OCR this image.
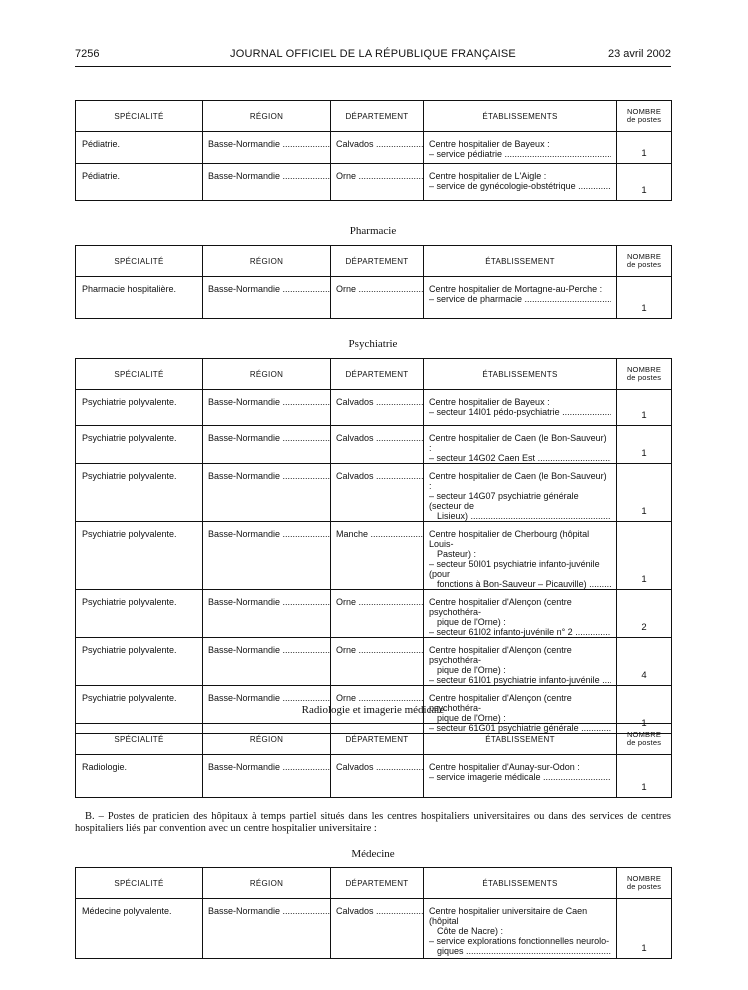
7256	JOURNAL OFFICIEL DE LA RÉPUBLIQUE FRANÇAISE	23 avril 2002
SPÉCIALITÉ	RÉGION	DÉPARTEMENT	ÉTABLISSEMENTS	NOMBRE
de postes

Pédiatrie.	Basse-Normandie .....	Calvados .....	Centre hospitalier de Bayeux :
– service pédiatrie .....	1
Pédiatrie.	Basse-Normandie .....	Orne .....	Centre hospitalier de L'Aigle :
– service de gynécologie-obstétrique .....	1
Pharmacie
SPÉCIALITÉ	RÉGION	DÉPARTEMENT	ÉTABLISSEMENT	NOMBRE
de postes

Pharmacie hospitalière.	Basse-Normandie .....	Orne .....	Centre hospitalier de Mortagne-au-Perche :
– service de pharmacie .....	1
Psychiatrie
SPÉCIALITÉ	RÉGION	DÉPARTEMENT	ÉTABLISSEMENTS	NOMBRE
de postes

Psychiatrie polyvalente.	Basse-Normandie .....	Calvados .....	Centre hospitalier de Bayeux :
– secteur 14I01 pédo-psychiatrie .....	1
Psychiatrie polyvalente.	Basse-Normandie .....	Calvados .....	Centre hospitalier de Caen (le Bon-Sauveur) :
– secteur 14G02 Caen Est .....	1
Psychiatrie polyvalente.	Basse-Normandie .....	Calvados .....	Centre hospitalier de Caen (le Bon-Sauveur) :
– secteur 14G07 psychiatrie générale (secteur de
Lisieux) .....	1
Psychiatrie polyvalente.	Basse-Normandie .....	Manche .....	Centre hospitalier de Cherbourg (hôpital Louis-
Pasteur) :
– secteur 50I01 psychiatrie infanto-juvénile (pour
fonctions à Bon-Sauveur – Picauville) .....	1
Psychiatrie polyvalente.	Basse-Normandie .....	Orne .....	Centre hospitalier d'Alençon (centre psychothéra-
pique de l'Orne) :
– secteur 61I02 infanto-juvénile n° 2 .....	2
Psychiatrie polyvalente.	Basse-Normandie .....	Orne .....	Centre hospitalier d'Alençon (centre psychothéra-
pique de l'Orne) :
– secteur 61I01 psychiatrie infanto-juvénile .....	4
Psychiatrie polyvalente.	Basse-Normandie .....	Orne .....	Centre hospitalier d'Alençon (centre psychothéra-
pique de l'Orne) :
– secteur 61G01 psychiatrie générale .....	1
Radiologie et imagerie médicale
SPÉCIALITÉ	RÉGION	DÉPARTEMENT	ÉTABLISSEMENT	NOMBRE
de postes

Radiologie.	Basse-Normandie .....	Calvados .....	Centre hospitalier d'Aunay-sur-Odon :
– service imagerie médicale .....	1
B. – Postes de praticien des hôpitaux à temps partiel situés dans les centres hospitaliers universitaires ou dans des services de centres hospitaliers liés par convention avec un centre hospitalier universitaire :
Médecine
SPÉCIALITÉ	RÉGION	DÉPARTEMENT	ÉTABLISSEMENTS	NOMBRE
de postes

Médecine polyvalente.	Basse-Normandie .....	Calvados .....	Centre hospitalier universitaire de Caen (hôpital
Côte de Nacre) :
– service explorations fonctionnelles neurolo-
giques .....	1
